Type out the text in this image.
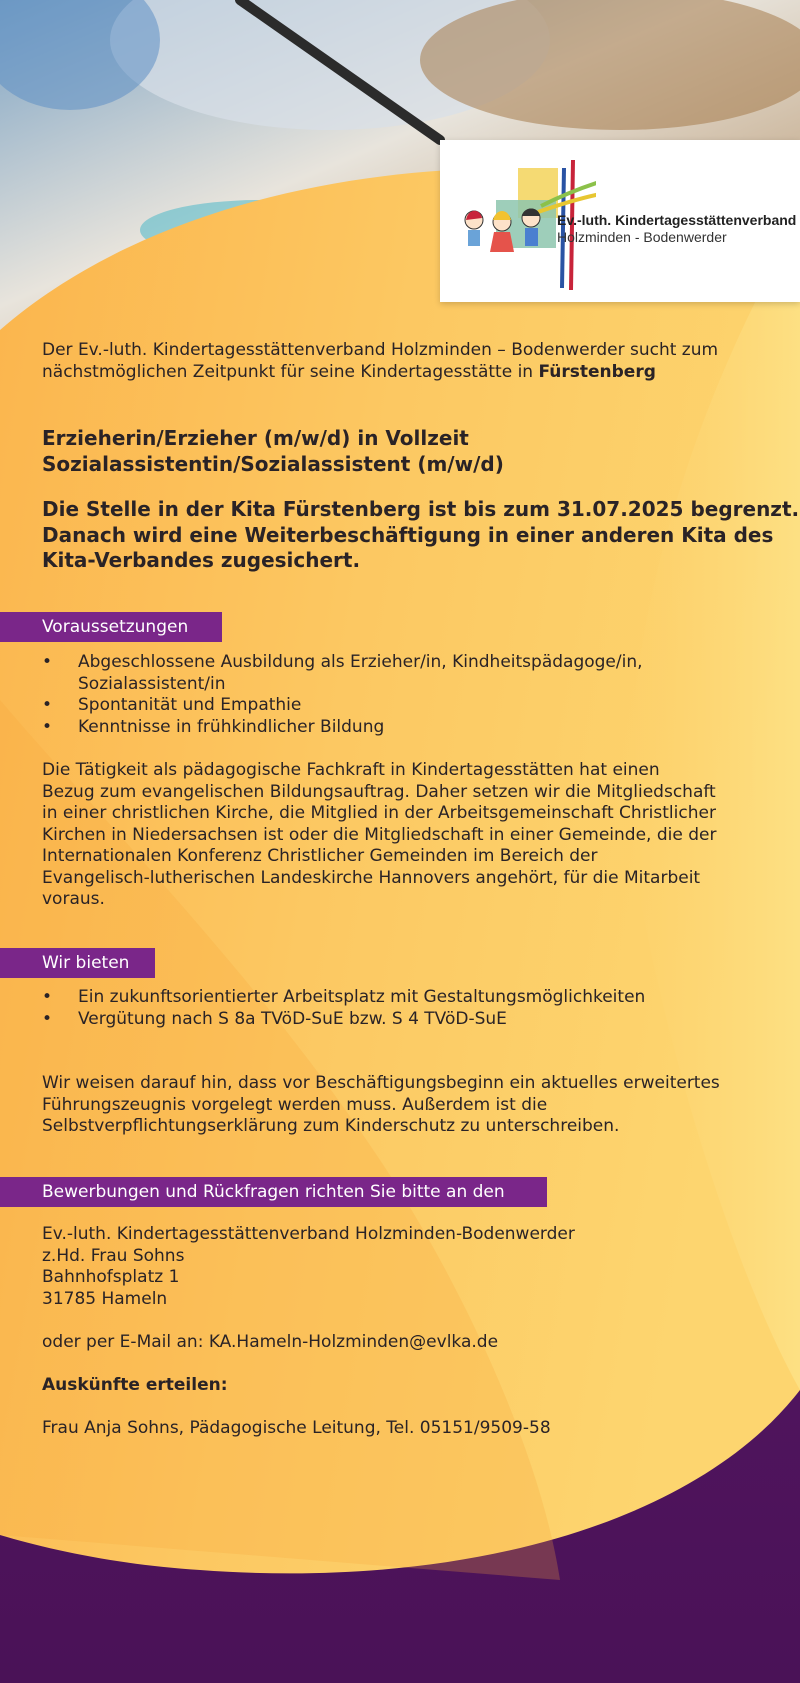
Ev.-luth. Kindertagesstättenverband
Holzminden - Bodenwerder

Der Ev.-luth. Kindertagesstättenverband Holzminden – Bodenwerder sucht zum
nächstmöglichen Zeitpunkt für seine Kindertagesstätte in Fürstenberg

Erzieherin/Erzieher (m/w/d) in Vollzeit
Sozialassistentin/Sozialassistent (m/w/d)
Die Stelle in der Kita Fürstenberg ist bis zum 31.07.2025 begrenzt.
Danach wird eine Weiterbeschäftigung in einer anderen Kita des
Kita-Verbandes zugesichert.
Voraussetzungen
• Abgeschlossene Ausbildung als Erzieher/in, Kindheitspädagoge/in, Sozialassistent/in
• Spontanität und Empathie
• Kenntnisse in frühkindlicher Bildung

Die Tätigkeit als pädagogische Fachkraft in Kindertagesstätten hat einen
Bezug zum evangelischen Bildungsauftrag. Daher setzen wir die Mitgliedschaft
in einer christlichen Kirche, die Mitglied in der Arbeitsgemeinschaft Christlicher
Kirchen in Niedersachsen ist oder die Mitgliedschaft in einer Gemeinde, die der
Internationalen Konferenz Christlicher Gemeinden im Bereich der
Evangelisch-lutherischen Landeskirche Hannovers angehört, für die Mitarbeit
voraus.

Wir bieten
• Ein zukunftsorientierter Arbeitsplatz mit Gestaltungsmöglichkeiten
• Vergütung nach S 8a TVöD-SuE bzw. S 4 TVöD-SuE

Wir weisen darauf hin, dass vor Beschäftigungsbeginn ein aktuelles erweitertes
Führungszeugnis vorgelegt werden muss. Außerdem ist die
Selbstverpflichtungserklärung zum Kinderschutz zu unterschreiben.

Bewerbungen und Rückfragen richten Sie bitte an den

Ev.-luth. Kindertagesstättenverband Holzminden-Bodenwerder
z.Hd. Frau Sohns
Bahnhofsplatz 1
31785 Hameln

oder per E-Mail an: KA.Hameln-Holzminden@evlka.de

Auskünfte erteilen:

Frau Anja Sohns, Pädagogische Leitung, Tel. 05151/9509-58
